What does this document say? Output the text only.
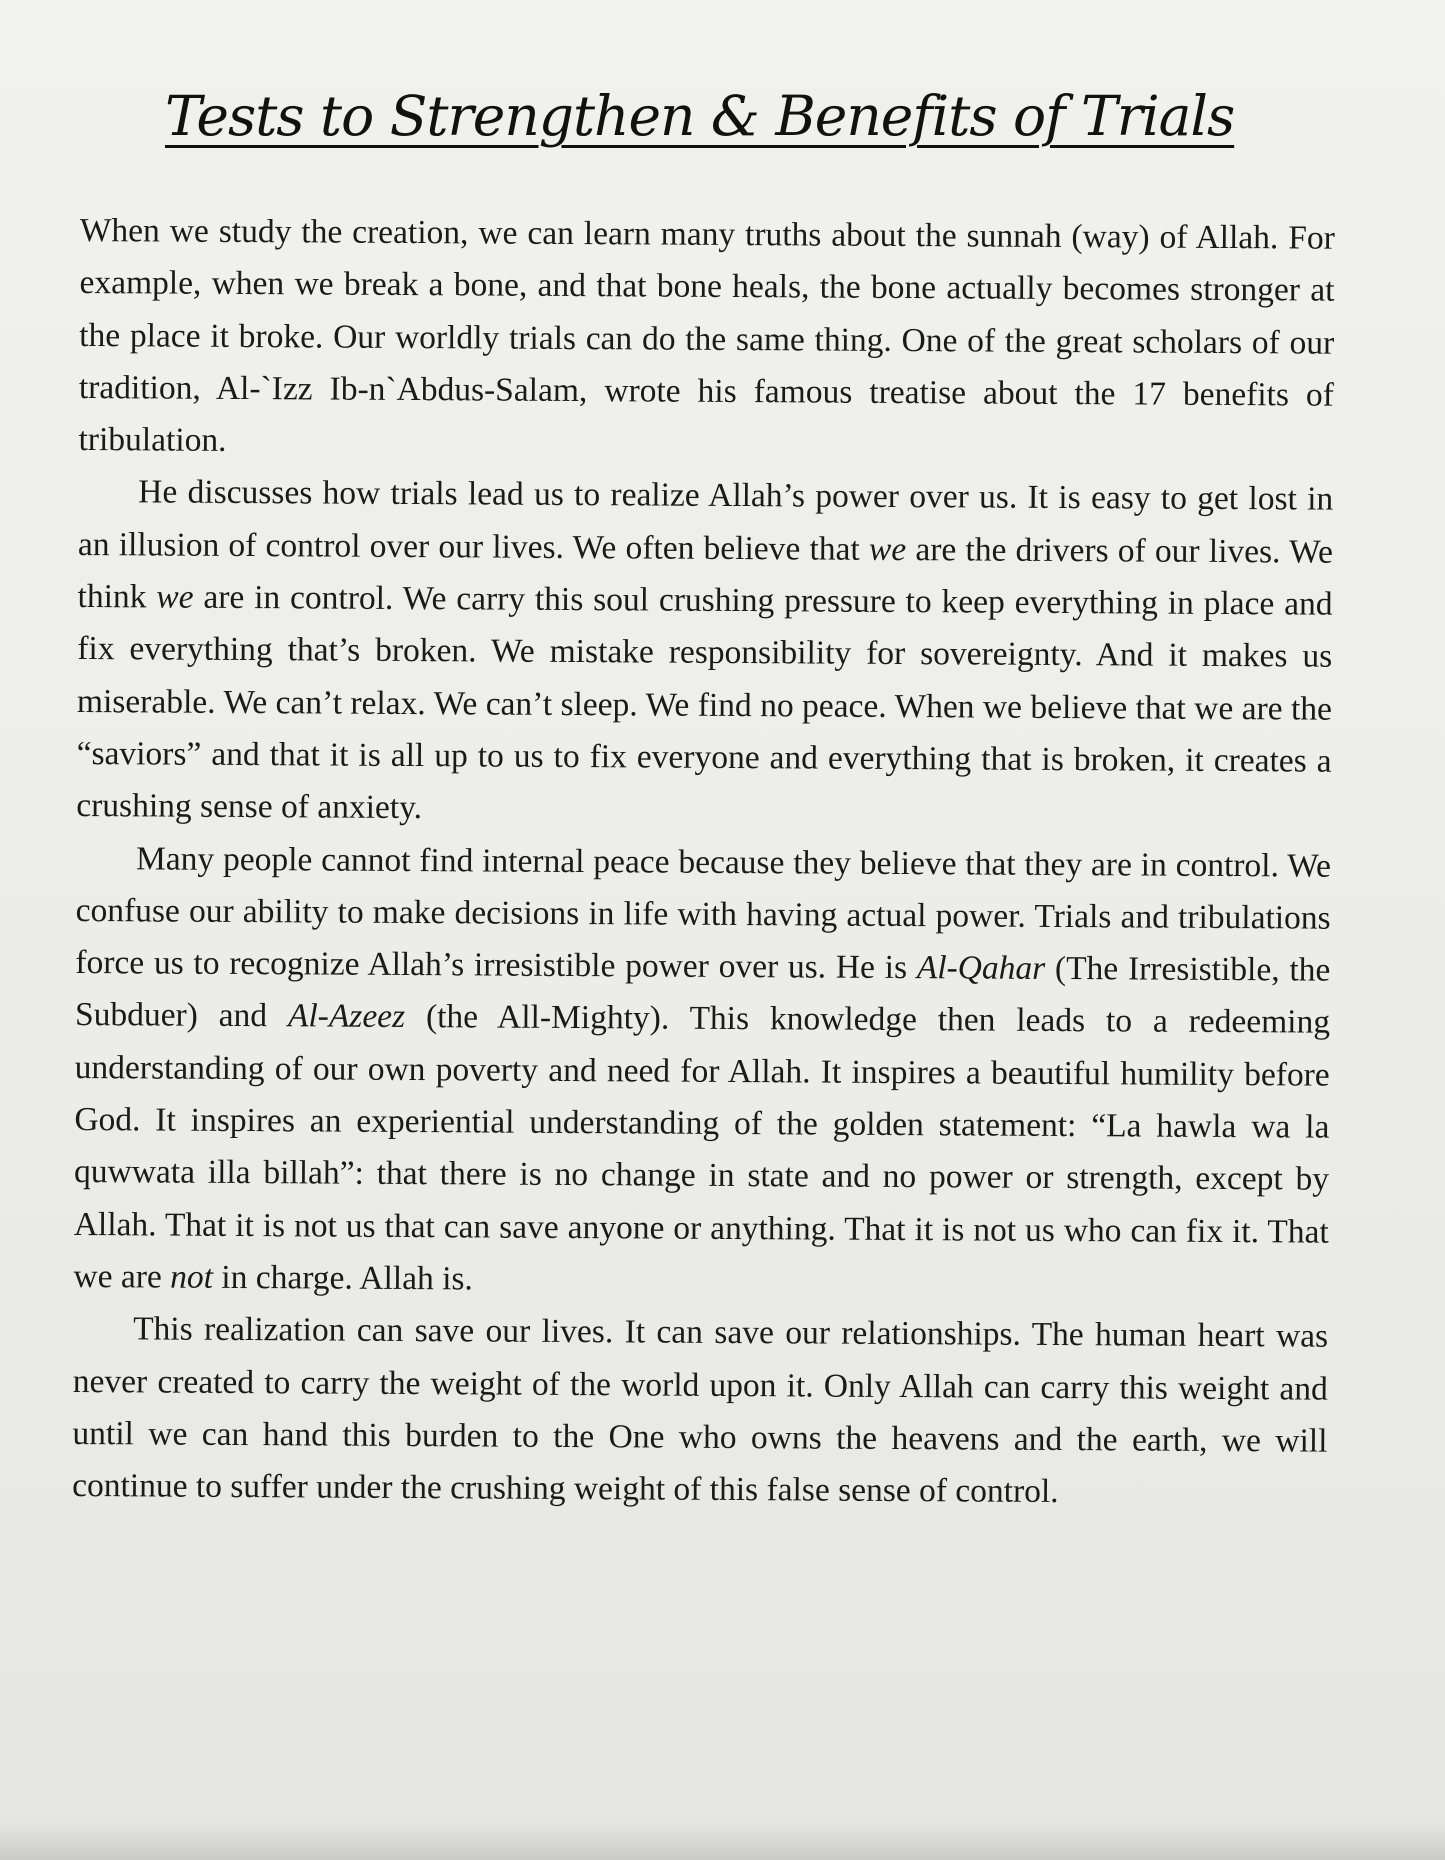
Tests to Strengthen & Benefits of Trials

When we study the creation, we can learn many truths about the sunnah (way) of Allah. For example, when we break a bone, and that bone heals, the bone actually becomes stronger at the place it broke. Our worldly trials can do the same thing. One of the great scholars of our tradition, Al-`Izz Ib-n`Abdus-Salam, wrote his famous treatise about the 17 benefits of tribulation.

He discusses how trials lead us to realize Allah’s power over us. It is easy to get lost in an illusion of control over our lives. We often believe that we are the drivers of our lives. We think we are in control. We carry this soul crushing pressure to keep everything in place and fix everything that’s broken. We mistake responsibility for sovereignty. And it makes us miserable. We can’t relax. We can’t sleep. We find no peace. When we believe that we are the “saviors” and that it is all up to us to fix everyone and everything that is broken, it creates a crushing sense of anxiety.

Many people cannot find internal peace because they believe that they are in control. We confuse our ability to make decisions in life with having actual power. Trials and tribulations force us to recognize Allah’s irresistible power over us. He is Al-Qahar (The Irresistible, the Subduer) and Al-Azeez (the All-Mighty). This knowledge then leads to a redeeming understanding of our own poverty and need for Allah. It inspires a beautiful humility before God. It inspires an experiential understanding of the golden statement: “La hawla wa la quwwata illa billah”: that there is no change in state and no power or strength, except by Allah. That it is not us that can save anyone or anything. That it is not us who can fix it. That we are not in charge. Allah is.

This realization can save our lives. It can save our relationships. The human heart was never created to carry the weight of the world upon it. Only Allah can carry this weight and until we can hand this burden to the One who owns the heavens and the earth, we will continue to suffer under the crushing weight of this false sense of control.
